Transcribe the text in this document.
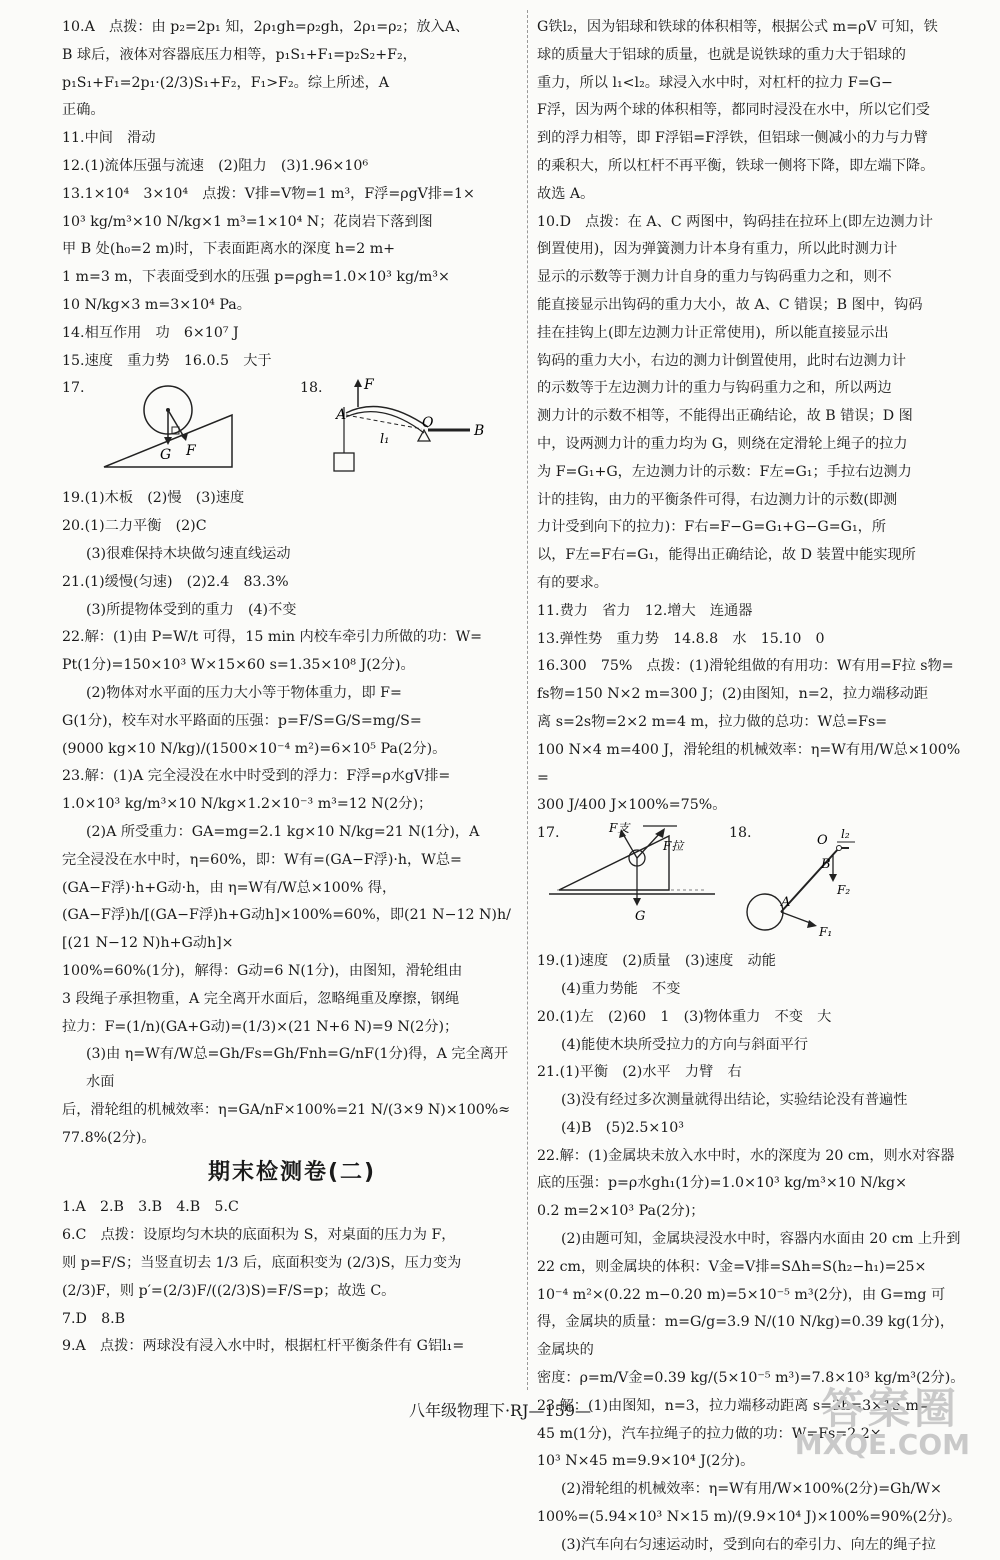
10.A　点拨：由 p₂=2p₁ 知，2ρ₁gh=ρ₂gh，2ρ₁=ρ₂；放入A、
B 球后，液体对容器底压力相等，p₁S₁+F₁=p₂S₂+F₂，
p₁S₁+F₁=2p₁·(2/3)S₁+F₂，F₁>F₂。综上所述，A
正确。
11.中间　滑动
12.(1)流体压强与流速　(2)阻力　(3)1.96×10⁶
13.1×10⁴　3×10⁴　点拨：V排=V物=1 m³，F浮=ρgV排=1×
10³ kg/m³×10 N/kg×1 m³=1×10⁴ N；花岗岩下落到图
甲 B 处(h₀=2 m)时，下表面距离水的深度 h=2 m+
1 m=3 m，下表面受到水的压强 p=ρgh=1.0×10³ kg/m³×
10 N/kg×3 m=3×10⁴ Pa。
14.相互作用　功　6×10⁷ J
15.速度　重力势　16.0.5　大于
17.	18.
G F
F
A	O	B
l₁
19.(1)木板　(2)慢　(3)速度
20.(1)二力平衡　(2)C
(3)很难保持木块做匀速直线运动
21.(1)缓慢(匀速)　(2)2.4　83.3%
(3)所提物体受到的重力　(4)不变
22.解：(1)由 P=W/t 可得，15 min 内校车牵引力所做的功：W=
Pt(1分)=150×10³ W×15×60 s=1.35×10⁸ J(2分)。
(2)物体对水平面的压力大小等于物体重力，即 F=
G(1分)，校车对水平路面的压强：p=F/S=G/S=mg/S=
(9000 kg×10 N/kg)/(1500×10⁻⁴ m²)=6×10⁵ Pa(2分)。
23.解：(1)A 完全浸没在水中时受到的浮力：F浮=ρ水gV排=
1.0×10³ kg/m³×10 N/kg×1.2×10⁻³ m³=12 N(2分)；
(2)A 所受重力：GA=mg=2.1 kg×10 N/kg=21 N(1分)，A
完全浸没在水中时，η=60%，即：W有=(GA−F浮)·h，W总=
(GA−F浮)·h+G动·h，由 η=W有/W总×100% 得，
(GA−F浮)h/[(GA−F浮)h+G动h]×100%=60%，即(21 N−12 N)h/[(21 N−12 N)h+G动h]×
100%=60%(1分)，解得：G动=6 N(1分)，由图知，滑轮组由
3 段绳子承担物重，A 完全离开水面后，忽略绳重及摩擦，钢绳
拉力：F=(1/n)(GA+G动)=(1/3)×(21 N+6 N)=9 N(2分)；
(3)由 η=W有/W总=Gh/Fs=Gh/Fnh=G/nF(1分)得，A 完全离开水面
后，滑轮组的机械效率：η=GA/nF×100%=21 N/(3×9 N)×100%≈
77.8%(2分)。
期末检测卷(二)
1.A　2.B　3.B　4.B　5.C
6.C　点拨：设原均匀木块的底面积为 S，对桌面的压力为 F，
则 p=F/S；当竖直切去 1/3 后，底面积变为 (2/3)S，压力变为
(2/3)F，则 p′=(2/3)F/((2/3)S)=F/S=p；故选 C。
7.D　8.B
9.A　点拨：两球没有浸入水中时，根据杠杆平衡条件有 G铝l₁=
G铁l₂，因为铝球和铁球的体积相等，根据公式 m=ρV 可知，铁
球的质量大于铝球的质量，也就是说铁球的重力大于铝球的
重力，所以 l₁<l₂。球浸入水中时，对杠杆的拉力 F=G−
F浮，因为两个球的体积相等，都同时浸没在水中，所以它们受
到的浮力相等，即 F浮铝=F浮铁，但铝球一侧减小的力与力臂
的乘积大，所以杠杆不再平衡，铁球一侧将下降，即左端下降。
故选 A。
10.D　点拨：在 A、C 两图中，钩码挂在拉环上(即左边测力计
倒置使用)，因为弹簧测力计本身有重力，所以此时测力计
显示的示数等于测力计自身的重力与钩码重力之和，则不
能直接显示出钩码的重力大小，故 A、C 错误；B 图中，钩码
挂在挂钩上(即左边测力计正常使用)，所以能直接显示出
钩码的重力大小，右边的测力计倒置使用，此时右边测力计
的示数等于左边测力计的重力与钩码重力之和，所以两边
测力计的示数不相等，不能得出正确结论，故 B 错误；D 图
中，设两测力计的重力均为 G，则绕在定滑轮上绳子的拉力
为 F=G₁+G，左边测力计的示数：F左=G₁；手拉右边测力
计的挂钩，由力的平衡条件可得，右边测力计的示数(即测
力计受到向下的拉力)：F右=F−G=G₁+G−G=G₁，所
以，F左=F右=G₁，能得出正确结论，故 D 装置中能实现所
有的要求。
11.费力　省力　12.增大　连通器
13.弹性势　重力势　14.8.8　水　15.10　0
16.300　75%　点拨：(1)滑轮组做的有用功：W有用=F拉 s物=
fs物=150 N×2 m=300 J；(2)由图知，n=2，拉力端移动距
离 s=2s物=2×2 m=4 m，拉力做的总功：W总=Fs=
100 N×4 m=400 J，滑轮组的机械效率：η=W有用/W总×100%=
300 J/400 J×100%=75%。
17.	18.
F支
F拉
G
O l₂
B
F₂
A
F₁
19.(1)速度　(2)质量　(3)速度　动能
(4)重力势能　不变
20.(1)左　(2)60　1　(3)物体重力　不变　大
(4)能使木块所受拉力的方向与斜面平行
21.(1)平衡　(2)水平　力臂　右
(3)没有经过多次测量就得出结论，实验结论没有普遍性
(4)B　(5)2.5×10³
22.解：(1)金属块未放入水中时，水的深度为 20 cm，则水对容器
底的压强：p=ρ水gh₁(1分)=1.0×10³ kg/m³×10 N/kg×
0.2 m=2×10³ Pa(2分)；
(2)由题可知，金属块浸没水中时，容器内水面由 20 cm 上升到
22 cm，则金属块的体积：V金=V排=SΔh=S(h₂−h₁)=25×
10⁻⁴ m²×(0.22 m−0.20 m)=5×10⁻⁵ m³(2分)，由 G=mg 可
得，金属块的质量：m=G/g=3.9 N/(10 N/kg)=0.39 kg(1分)，金属块的
密度：ρ=m/V金=0.39 kg/(5×10⁻⁵ m³)=7.8×10³ kg/m³(2分)。
23.解：(1)由图知，n=3，拉力端移动距离 s=3h=3×15 m=
45 m(1分)，汽车拉绳子的拉力做的功：W=Fs=2.2×
10³ N×45 m=9.9×10⁴ J(2分)。
(2)滑轮组的机械效率：η=W有用/W×100%(2分)=Gh/W×
100%=(5.94×10³ N×15 m)/(9.9×10⁴ J)×100%=90%(2分)。
(3)汽车向右匀速运动时，受到向右的牵引力、向左的绳子拉
八年级物理下·RJ—159—	答案圈
MXQE.COM
